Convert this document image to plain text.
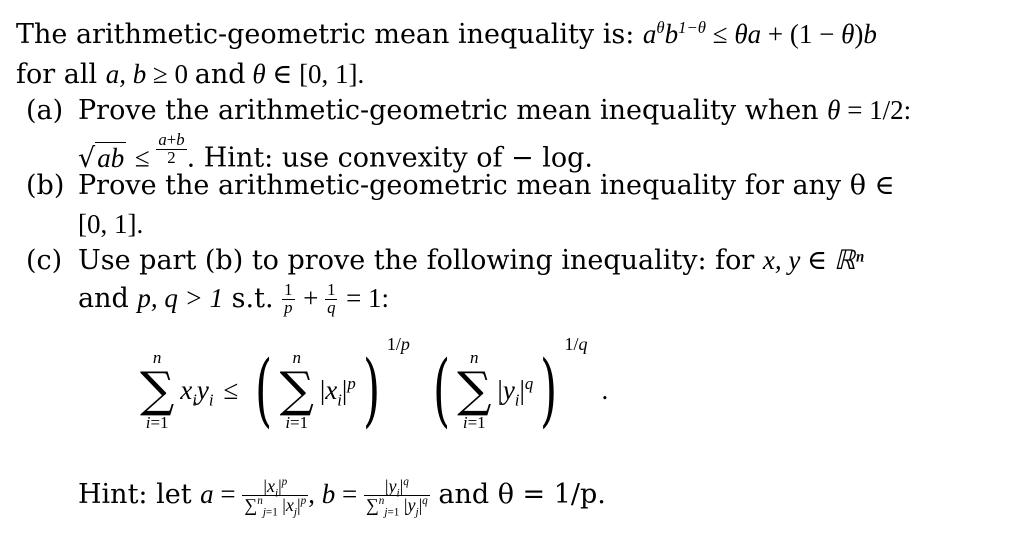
The arithmetic-geometric mean inequality is: $a^\theta b^{1-\theta} \le \theta a + (1 - \theta)b$
for all a, b ≥ 0 and θ ∈ [0, 1].
(a) Prove the arithmetic-geometric mean inequality when θ = 1/2:
$√ab \le \frac{a+b}{2}$ . Hint: use convexity of − log.
(b) Prove the arithmetic-geometric mean inequality for any θ ∈
[0, 1].
(c) Use part (b) to prove the following inequality: for x, y ∈ ℝⁿ
and p, q > 1 s.t. $\frac{1}{p} + \frac{1}{q} = 1$:
n
∑
i=1
$x_iy_i$ ≤ ( n
∑
i=1
$|x_i|^p$ ) 1/p ( n
∑
i=1
$|y_i|^q$ ) 1/q
.
Hint: let $a = \frac{|x_i|^p}{\sum^n_{j=1} |x_j|^p}$ , $b = \frac{|y_i|^q}{\sum^n_{j=1} |y_j|^q}$ and θ = 1/p.
